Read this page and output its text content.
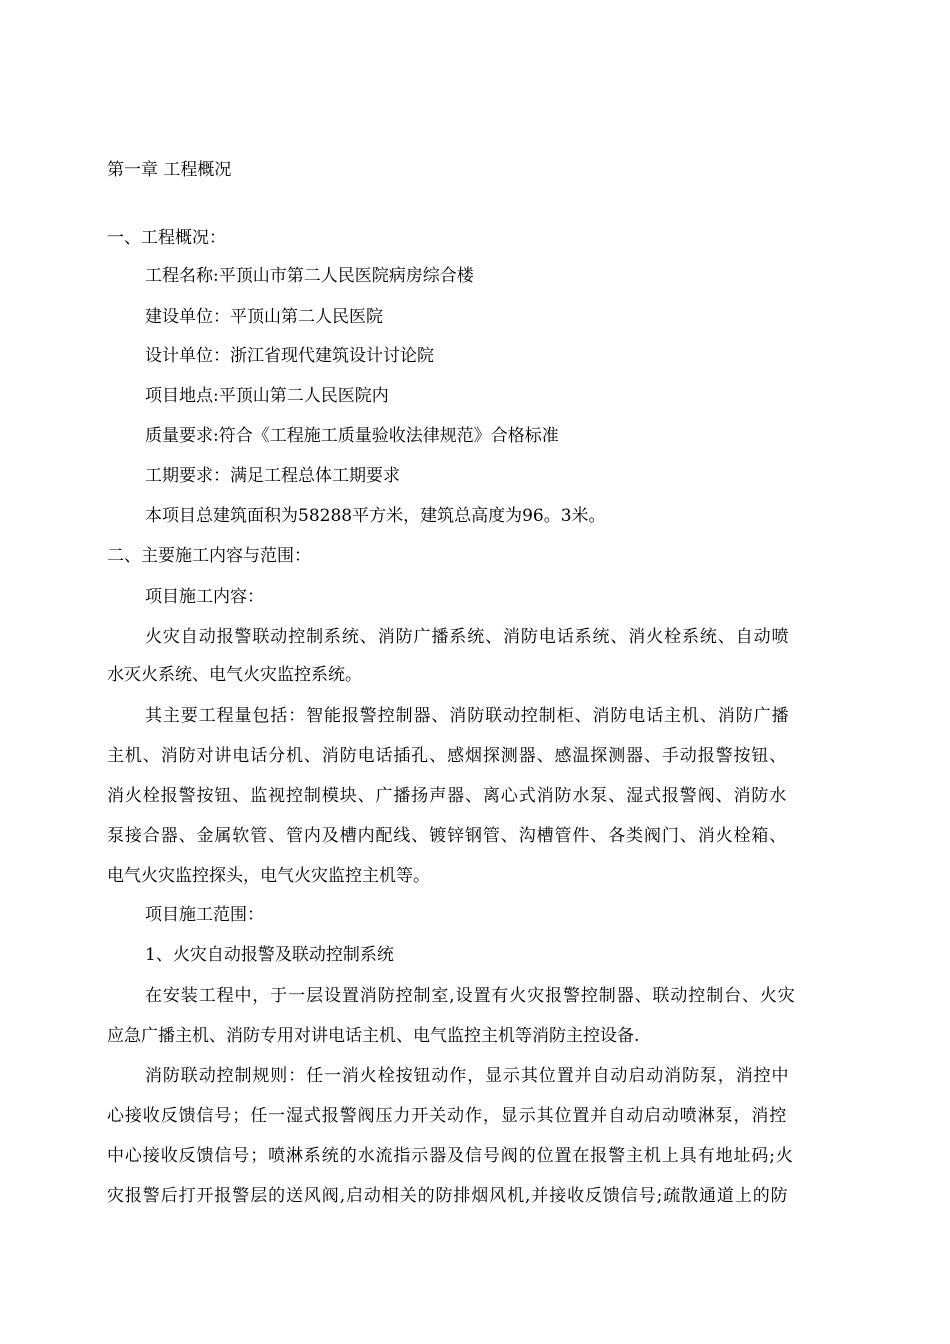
第一章 工程概况
一、工程概况：
工程名称:平顶山市第二人民医院病房综合楼
建设单位：平顶山第二人民医院
设计单位：浙江省现代建筑设计讨论院
项目地点:平顶山第二人民医院内
质量要求:符合《工程施工质量验收法律规范》合格标准
工期要求：满足工程总体工期要求
本项目总建筑面积为58288平方米，建筑总高度为96。3米。
二、主要施工内容与范围：
项目施工内容：
火灾自动报警联动控制系统、消防广播系统、消防电话系统、消火栓系统、自动喷
水灭火系统、电气火灾监控系统。
其主要工程量包括：智能报警控制器、消防联动控制柜、消防电话主机、消防广播
主机、消防对讲电话分机、消防电话插孔、感烟探测器、感温探测器、手动报警按钮、
消火栓报警按钮、监视控制模块、广播扬声器、离心式消防水泵、湿式报警阀、消防水
泵接合器、金属软管、管内及槽内配线、镀锌钢管、沟槽管件、各类阀门、消火栓箱、
电气火灾监控探头，电气火灾监控主机等。
项目施工范围：
1、火灾自动报警及联动控制系统
在安装工程中，于一层设置消防控制室,设置有火灾报警控制器、联动控制台、火灾
应急广播主机、消防专用对讲电话主机、电气监控主机等消防主控设备.
消防联动控制规则：任一消火栓按钮动作，显示其位置并自动启动消防泵，消控中
心接收反馈信号；任一湿式报警阀压力开关动作，显示其位置并自动启动喷淋泵，消控
中心接收反馈信号；喷淋系统的水流指示器及信号阀的位置在报警主机上具有地址码;火
灾报警后打开报警层的送风阀,启动相关的防排烟风机,并接收反馈信号;疏散通道上的防
